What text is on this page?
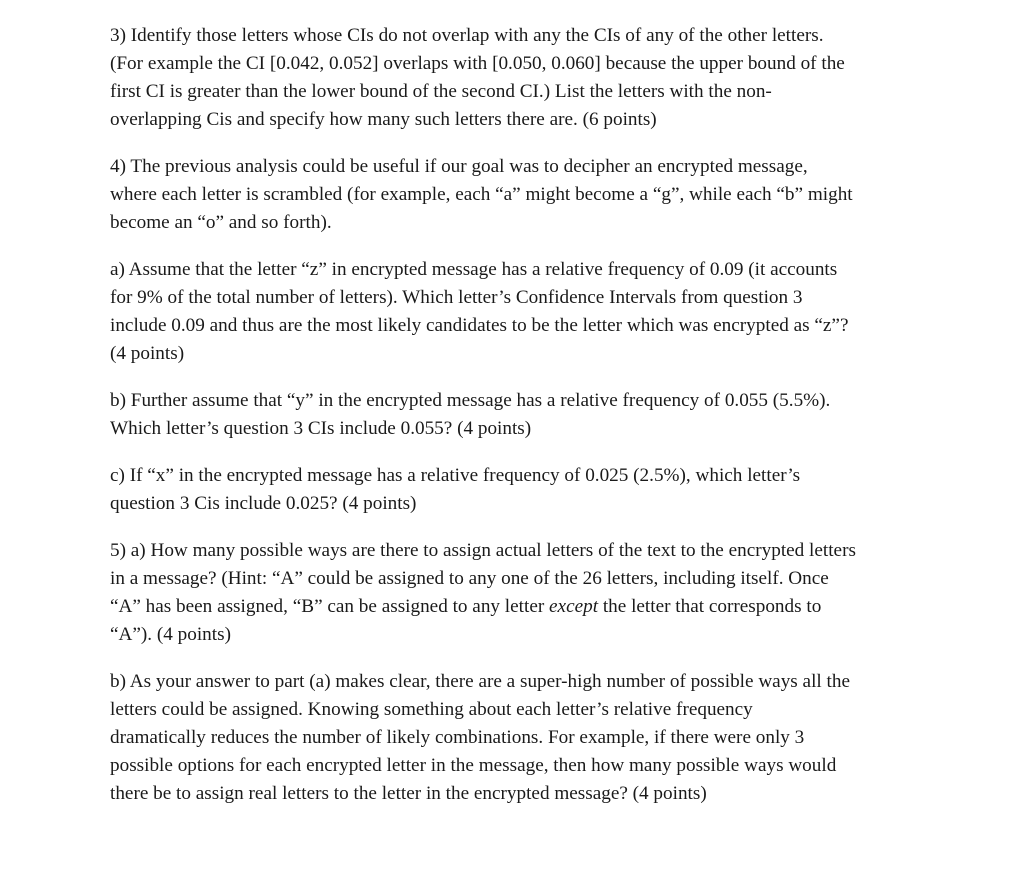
3) Identify those letters whose CIs do not overlap with any the CIs of any of the other letters.
(For example the CI [0.042, 0.052] overlaps with [0.050, 0.060] because the upper bound of the
first CI is greater than the lower bound of the second CI.) List the letters with the non-
overlapping Cis and specify how many such letters there are. (6 points)

4) The previous analysis could be useful if our goal was to decipher an encrypted message,
where each letter is scrambled (for example, each “a” might become a “g”, while each “b” might
become an “o” and so forth).

a) Assume that the letter “z” in encrypted message has a relative frequency of 0.09 (it accounts
for 9% of the total number of letters). Which letter’s Confidence Intervals from question 3
include 0.09 and thus are the most likely candidates to be the letter which was encrypted as “z”?
(4 points)

b) Further assume that “y” in the encrypted message has a relative frequency of 0.055 (5.5%).
Which letter’s question 3 CIs include 0.055? (4 points)

c) If “x” in the encrypted message has a relative frequency of 0.025 (2.5%), which letter’s
question 3 Cis include 0.025? (4 points)

5) a) How many possible ways are there to assign actual letters of the text to the encrypted letters
in a message? (Hint: “A” could be assigned to any one of the 26 letters, including itself. Once
“A” has been assigned, “B” can be assigned to any letter except the letter that corresponds to
“A”). (4 points)

b) As your answer to part (a) makes clear, there are a super-high number of possible ways all the
letters could be assigned. Knowing something about each letter’s relative frequency
dramatically reduces the number of likely combinations. For example, if there were only 3
possible options for each encrypted letter in the message, then how many possible ways would
there be to assign real letters to the letter in the encrypted message? (4 points)
